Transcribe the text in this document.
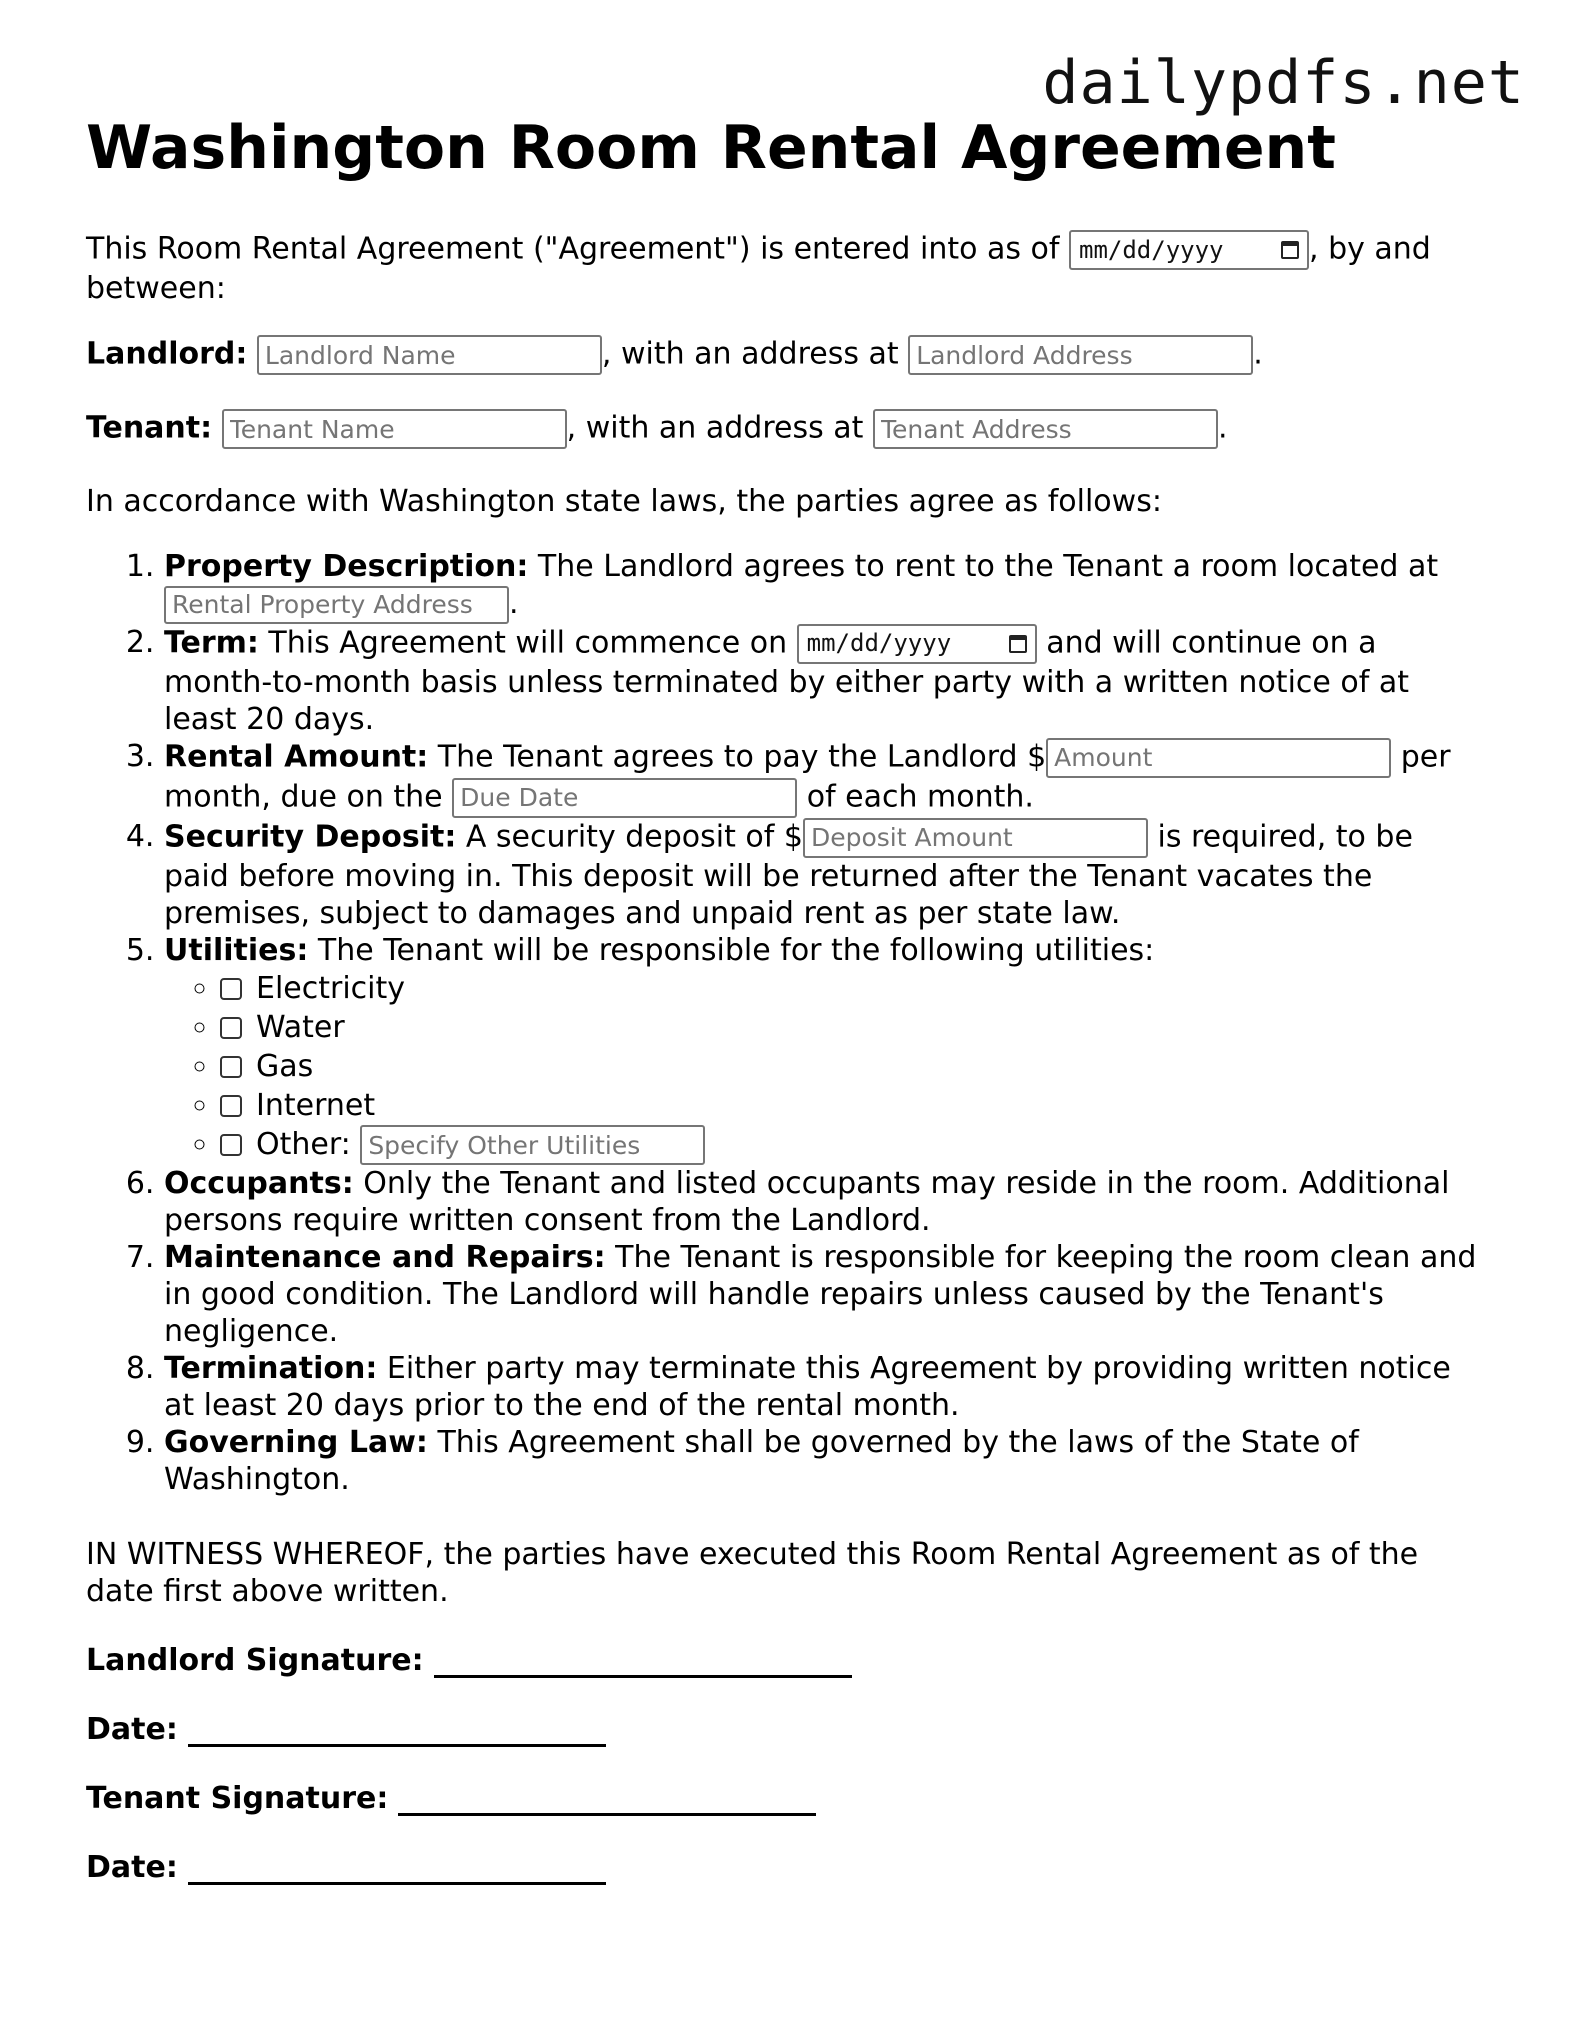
dailypdfs.net
Washington Room Rental Agreement

This Room Rental Agreement ("Agreement") is entered into as of mm/dd/yyyy	, by and between:

Landlord: Landlord Name	, with an address at Landlord Address	.

Tenant: Tenant Name	, with an address at Tenant Address	.

In accordance with Washington state laws, the parties agree as follows:

1. Property Description: The Landlord agrees to rent to the Tenant a room located at Rental Property Address.
2. Term: This Agreement will commence on mm/dd/yyyy	and will continue on a month-to-month basis unless terminated by either party with a written notice of at least 20 days.
3. Rental Amount: The Tenant agrees to pay the Landlord $Amount	per month, due on the Due Date	of each month.
4. Security Deposit: A security deposit of $Deposit Amount	is required, to be paid before moving in. This deposit will be returned after the Tenant vacates the premises, subject to damages and unpaid rent as per state law.
5. Utilities: The Tenant will be responsible for the following utilities:
◦ Electricity
◦ Water
◦ Gas
◦ Internet
◦ Other: Specify Other Utilities
6. Occupants: Only the Tenant and listed occupants may reside in the room. Additional persons require written consent from the Landlord.
7. Maintenance and Repairs: The Tenant is responsible for keeping the room clean and in good condition. The Landlord will handle repairs unless caused by the Tenant's negligence.
8. Termination: Either party may terminate this Agreement by providing written notice at least 20 days prior to the end of the rental month.
9. Governing Law: This Agreement shall be governed by the laws of the State of Washington.

IN WITNESS WHEREOF, the parties have executed this Room Rental Agreement as of the date first above written.

Landlord Signature:

Date:

Tenant Signature:

Date:
